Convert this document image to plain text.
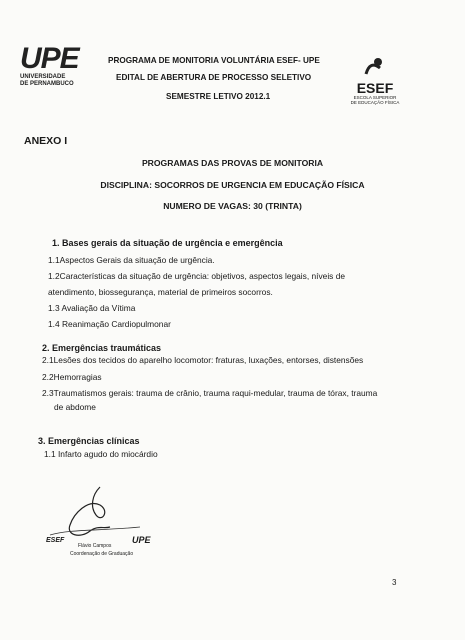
UPE
UNIVERSIDADE
DE PERNAMBUCO
PROGRAMA DE MONITORIA VOLUNTÁRIA ESEF- UPE
EDITAL DE ABERTURA DE PROCESSO SELETIVO
SEMESTRE LETIVO 2012.1
ESEF
ESCOLA SUPERIOR
DE EDUCAÇÃO FÍSICA
ANEXO I
PROGRAMAS DAS PROVAS DE MONITORIA
DISCIPLINA: SOCORROS DE URGENCIA EM EDUCAÇÃO FÍSICA
NUMERO DE VAGAS: 30 (TRINTA)
1. Bases gerais da situação de urgência e emergência
1.1Aspectos Gerais da situação de urgência.
1.2Características da situação de urgência: objetivos, aspectos legais, níveis de
atendimento, biossegurança, material de primeiros socorros.
1.3 Avaliação da Vítima
1.4 Reanimação Cardiopulmonar
2. Emergências traumáticas
2.1Lesões dos tecidos do aparelho locomotor: fraturas, luxações, entorses, distensões
2.2Hemorragias
2.3Traumatismos gerais: trauma de crânio, trauma raqui-medular, trauma de tórax, trauma
de abdome
3. Emergências clínicas
1.1 Infarto agudo do miocárdio
ESEF	UPE
Flávio Campos
Coordenação de Graduação
3
